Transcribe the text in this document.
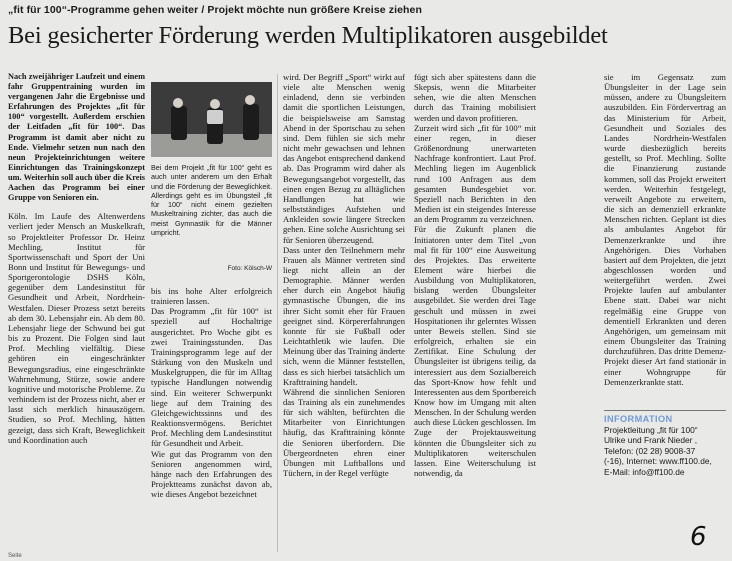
„fit für 100“-Programme gehen weiter / Projekt möchte nun größere Kreise ziehen
Bei gesicherter Förderung werden Multiplikatoren ausgebildet

Nach zweijähriger Laufzeit und einem fahr Gruppentraining wurden im vergangenen Jahr die Ergebnisse und Erfahrungen des Projektes „fit für 100“ vorgestellt. Außerdem erschien der Leitfaden „fit für 100“. Das Programm ist damit aber nicht zu Ende. Vielmehr setzen nun nach den neun Projekteinrichtungen weitere Einrichtungen das Trainingskonzept um. Weiterhin soll auch über die Kreis Aachen das Programm bei einer Gruppe von Senioren ein.

Köln. Im Laufe des Altenwerdens verliert jeder Mensch an Muskelkraft, so Projektleiter Professor Dr. Heinz Mechling, Institut für Sportwissenschaft und Sport der Uni Bonn und Institut für Bewegungs- und Sportgerontologie DSHS Köln, gegenüber dem Landesinstitut für Gesundheit und Arbeit, Nordrhein-Westfalen. Dieser Prozess setzt bereits ab dem 30. Lebensjahr ein. Ab dem 80. Lebensjahr liege der Schwund bei gut bis zu Prozent. Die Folgen sind laut Prof. Mechling vielfältig. Diese gehören ein eingeschränkter Bewegungsradius, eine eingeschränkte Wahrnehmung, Stürze, sowie andere kognitive und motorische Probleme. Zu verhindern ist der Prozess nicht, aber er lasst sich merklich hinauszögern. Studien, so Prof. Mechling, hätten gezeigt, dass sich Kraft, Beweglichkeit und Koordination auch

Bei dem Projekt „fit für 100“ geht es auch unter anderem um den Erhalt und die Förderung der Beweglichkeit. Allerdings geht es im Übungsteil „fit für 100“ nicht einem gezielten Muskeltraining zichter, das auch die meist Gymnastik für die Männer umpricht.
Foto: Kölsch-W

bis ins hohe Alter erfolgreich trainieren lassen.
Das Programm „fit für 100“ ist speziell auf Hochaltrige ausgerichtet. Pro Woche gibt es zwei Trainingsstunden. Das Trainingsprogramm lege auf der Stärkung von den Muskeln und Muskelgruppen, die für im Alltag typische Handlungen notwendig sind. Ein weiterer Schwerpunkt liege auf dem Training des Gleichgewichtssinns und des Reaktionsvermögens. Berichtet Prof. Mechling dem Landesinstitut für Gesundheit und Arbeit.
Wie gut das Programm von den Senioren angenommen wird, hänge nach den Erfahrungen des Projektteams zunächst davon ab, wie dieses Angebot bezeichnet

wird. Der Begriff „Sport“ wirkt auf viele alte Menschen wenig einladend, denn sie verbinden damit die sportlichen Leistungen, die beispielsweise am Samstag Abend in der Sportschau zu sehen sind. Dem fühlen sie sich mehr nicht mehr gewachsen und lehnen das Angebot entsprechend dankend ab. Das Programm wird daher als Bewegungsangebot vorgestellt, das einen engen Bezug zu alltäglichen Handlungen hat wie selbstständiges Aufstehen und Ankleiden sowie längere Strecken gehen. Eine solche Ausrichtung sei für Senioren überzeugend.
Dass unter den Teilnehmern mehr Frauen als Männer vertreten sind liegt nicht allein an der Demographie. Männer werden eher durch ein Angebot häufig gymnastische Übungen, die ins ihrer Sicht somit eher für Frauen geeignet sind. Körpererfahrungen konnte für sie Fußball oder Leichtathletik wie laufen. Die Meinung über das Training änderte sich, wenn die Männer feststellen, dass es sich hierbei tatsächlich um Krafttraining handelt.
Während die sinnlichen Senioren das Training als ein zunehmendes für sich wählten, befürchten die Mitarbeiter von Einrichtungen häufig, das Krafttraining könnte die Senioren überfordern. Die Übergeordneten ehren einer Übungen mit Luftballons und Tüchern, in der Regel verfügte

fügt sich aber spätestens dann die Skepsis, wenn die Mitarbeiter sehen, wie die alten Menschen durch das Training mobilisiert werden und davon profitieren.
Zurzeit wird sich „fit für 100“ mit einer regen, in dieser Größenordnung unerwarteten Nachfrage konfrontiert. Laut Prof. Mechling liegen im Augenblick rund 100 Anfragen aus dem gesamten Bundesgebiet vor. Speziell nach Berichten in den Medien ist ein steigendes Interesse an dem Programm zu verzeichnen.
Für die Zukunft planen die Initiatoren unter dem Titel „von mal fit für 100“ eine Ausweitung des Projektes. Das erweiterte Element wäre hierbei die Ausbildung von Multiplikatoren, bislang werden Übungsleiter ausgebildet. Sie werden drei Tage geschult und müssen in zwei Hospitationen ihr gelerntes Wissen unter Beweis stellen. Sind sie erfolgreich, erhalten sie ein Zertifikat. Eine Schulung der Übungsleiter ist übrigens teilig, da interessiert aus dem Sozialbereich das Sport-Know how fehlt und Interessenten aus dem Sportbereich Know how im Umgang mit alten Menschen. In der Schulung werden auch diese Lücken geschlossen. Im Zuge der Projektausweitung könnten die Übungsleiter sich zu Multiplikatoren weiterschulen lassen. Eine Weiterschulung ist notwendig, da

sie im Gegensatz zum Übungsleiter in der Lage sein müssen, andere zu Übungsleitern auszubilden. Ein Fördervertrag an das Ministerium für Arbeit, Gesundheit und Soziales des Landes Nordrhein-Westfalen wurde diesbezüglich bereits gestellt, so Prof. Mechling. Sollte die Finanzierung zustande kommen, soll das Projekt erweitert werden. Weiterhin festgelegt, verweilt Angebote zu erweitern, die sich an demenziell erkrankte Menschen richten. Geplant ist dies als ambulantes Angebot für Demenzerkrankte und ihre Angehörigen. Dies Vorhaben basiert auf dem Projekten, die jetzt abgeschlossen worden und weitergeführt werden. Zwei Projekte laufen auf ambulanter Ebene statt. Dabei war nicht regelmäßig eine Gruppe von dementiell Erkrankten und deren Angehörigen, um gemeinsam mit einem Übungsleiter das Training durchzuführen. Das dritte Demenz-Projekt dieser Art fand stationär in einer Wohngruppe für Demenzerkrankte statt.

INFORMATION
Projektleitung „fit für 100“
Ulrike und Frank Nieder ,
Telefon: (02 28) 9008-37
(-16), Internet: www.ff100.de,
E-Mail: info@ff100.de
6
Seite
